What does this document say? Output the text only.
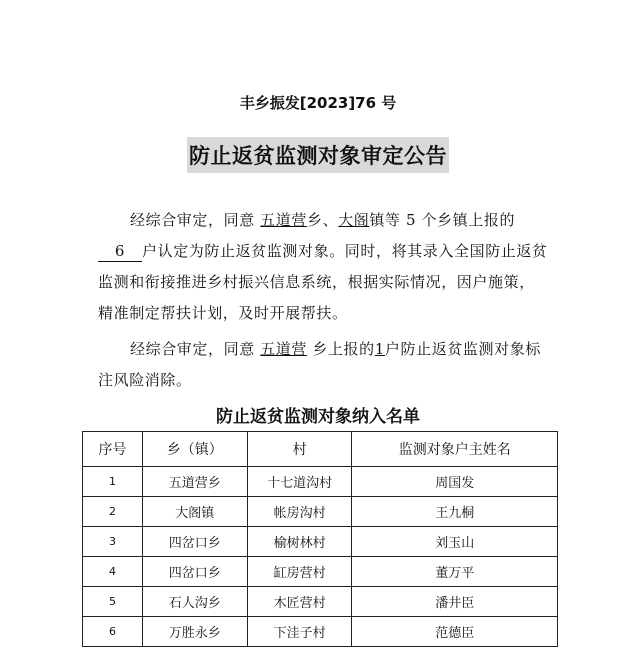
丰乡振发[2023]76 号
防止返贫监测对象审定公告
经综合审定，同意 五道营乡、大阁镇等 5 个乡镇上报的6 户认定为防止返贫监测对象。同时，将其录入全国防止返贫监测和衔接推进乡村振兴信息系统，根据实际情况，因户施策，精准制定帮扶计划，及时开展帮扶。
经综合审定，同意 五道营 乡上报的1户防止返贫监测对象标注风险消除。
防止返贫监测对象纳入名单
序号	乡（镇）	村	监测对象户主姓名
1	五道营乡	十七道沟村	周国发
2	大阁镇	帐房沟村	王九桐
3	四岔口乡	榆树林村	刘玉山
4	四岔口乡	缸房营村	董万平
5	石人沟乡	木匠营村	潘井臣
6	万胜永乡	下洼子村	范德臣
